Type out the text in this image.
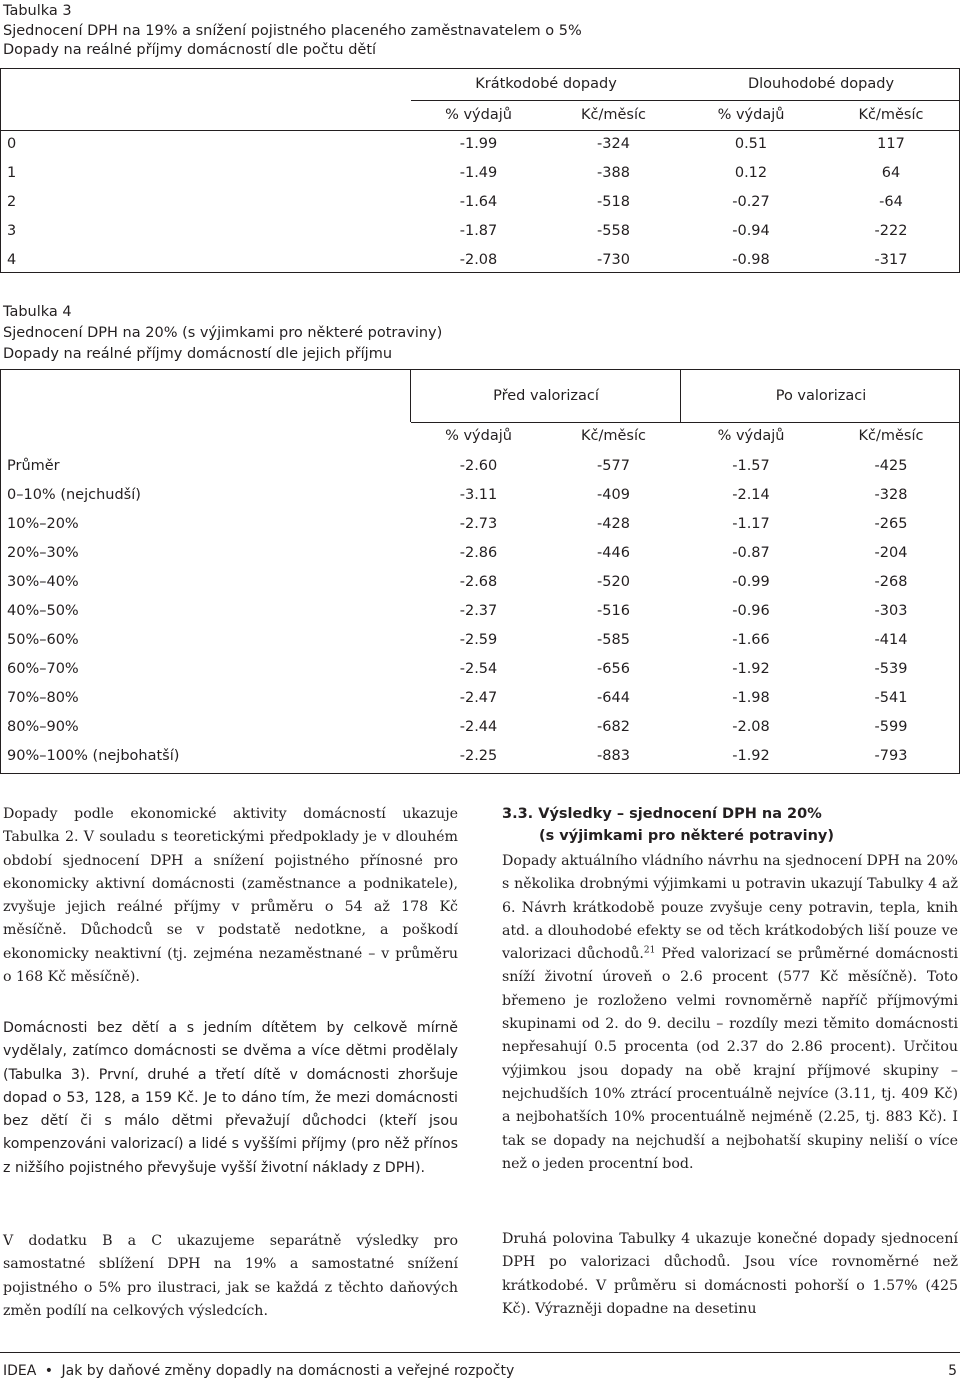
Tabulka 3
Sjednocení DPH na 19% a snížení pojistného placeného zaměstnavatelem o 5%
Dopady na reálné příjmy domácností dle počtu dětí
Krátkodobé dopady	Dlouhodobé dopady
% výdajů	Kč/měsíc	% výdajů	Kč/měsíc
0	-1.99	-324	0.51	117
1	-1.49	-388	0.12	64
2	-1.64	-518	-0.27	-64
3	-1.87	-558	-0.94	-222
4	-2.08	-730	-0.98	-317
Tabulka 4
Sjednocení DPH na 20% (s výjimkami pro některé potraviny)
Dopady na reálné příjmy domácností dle jejich příjmu
Před valorizací	Po valorizaci
% výdajů	Kč/měsíc	% výdajů	Kč/měsíc
Průměr	-2.60	-577	-1.57	-425
0–10% (nejchudší)	-3.11	-409	-2.14	-328
10%–20%	-2.73	-428	-1.17	-265
20%–30%	-2.86	-446	-0.87	-204
30%–40%	-2.68	-520	-0.99	-268
40%–50%	-2.37	-516	-0.96	-303
50%–60%	-2.59	-585	-1.66	-414
60%–70%	-2.54	-656	-1.92	-539
70%–80%	-2.47	-644	-1.98	-541
80%–90%	-2.44	-682	-2.08	-599
90%–100% (nejbohatší)	-2.25	-883	-1.92	-793
Dopady podle ekonomické aktivity domácností ukazuje Tabulka 2. V souladu s teoretickými předpoklady je v dlouhém období sjednocení DPH a snížení pojistného přínosné pro ekonomicky aktivní domácnosti (zaměstnance a podnikatele), zvyšuje jejich reálné příjmy v průměru o 54 až 178 Kč měsíčně. Důchodců se v podstatě nedotkne, a poškodí ekonomicky neaktivní (tj. zejména nezaměstnané – v průměru o 168 Kč měsíčně).
Domácnosti bez dětí a s jedním dítětem by celkově mírně vydělaly, zatímco domácnosti se dvěma a více dětmi prodělaly (Tabulka 3). První, druhé a třetí dítě v domácnosti zhoršuje dopad o 53, 128, a 159 Kč. Je to dáno tím, že mezi domácnosti bez dětí či s málo dětmi převažují důchodci (kteří jsou kompenzováni valorizací) a lidé s vyššími příjmy (pro něž přínos z nižšího pojistného převyšuje vyšší životní náklady z DPH).
V dodatku B a C ukazujeme separátně výsledky pro samostatné sblížení DPH na 19% a samostatné snížení pojistného o 5% pro ilustraci, jak se každá z těchto daňových změn podílí na celkových výsledcích.
3.3. Výsledky – sjednocení DPH na 20%
(s výjimkami pro některé potraviny)
Dopady aktuálního vládního návrhu na sjednocení DPH na 20% s několika drobnými výjimkami u potravin ukazují Tabulky 4 až 6. Návrh krátkodobě pouze zvyšuje ceny potravin, tepla, knih atd. a dlouhodobé efekty se od těch krátkodobých liší pouze ve valorizaci důchodů.$^{21}$ Před valorizací se průměrné domácnosti sníží životní úroveň o 2.6 procent (577 Kč měsíčně). Toto břemeno je rozloženo velmi rovnoměrně napříč příjmovými skupinami od 2. do 9. decilu – rozdíly mezi těmito domácnosti nepřesahují 0.5 procenta (od 2.37 do 2.86 procent). Určitou výjimkou jsou dopady na obě krajní příjmové skupiny – nejchudších 10% ztrácí procentuálně nejvíce (3.11, tj. 409 Kč) a nejbohatších 10% procentuálně nejméně (2.25, tj. 883 Kč). I tak se dopady na nejchudší a nejbohatší skupiny neliší o více než o jeden procentní bod.
Druhá polovina Tabulky 4 ukazuje konečné dopady sjednocení DPH po valorizaci důchodů. Jsou více rovnoměrné než krátkodobé. V průměru si domácnosti pohorší o 1.57% (425 Kč). Výrazněji dopadne na desetinu
IDEA • Jak by daňové změny dopadly na domácnosti a veřejné rozpočty	5
